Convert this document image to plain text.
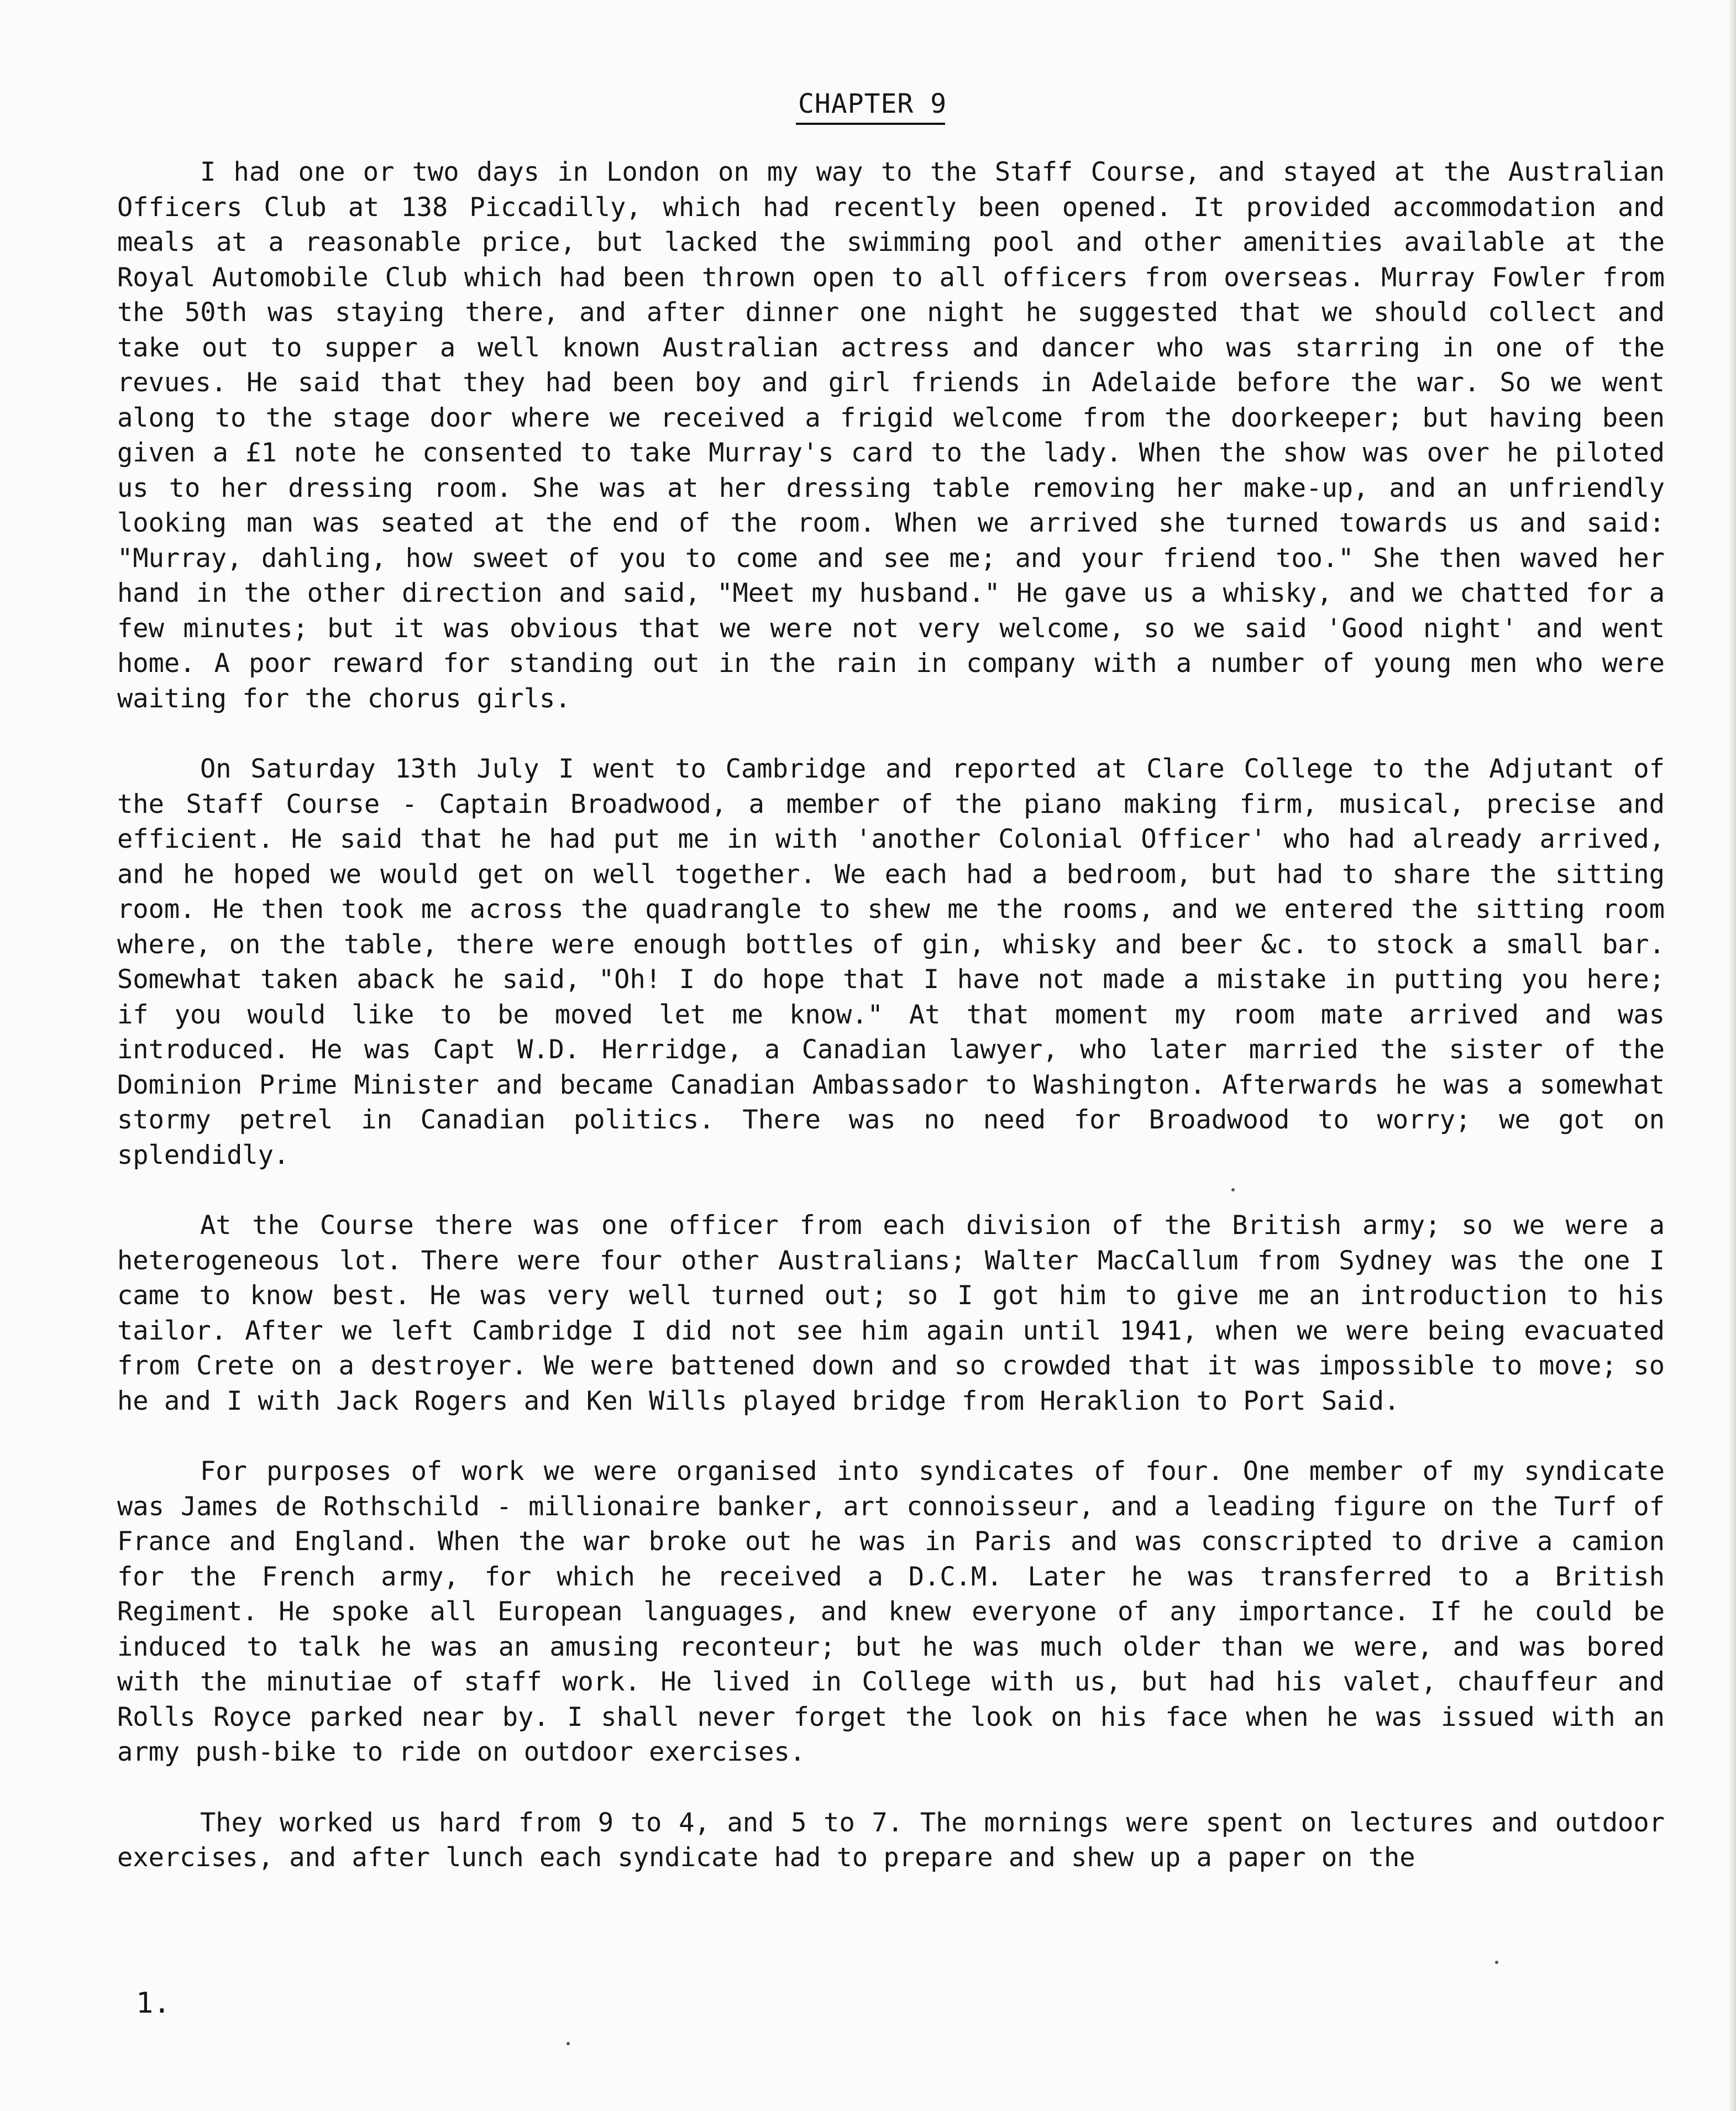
CHAPTER 9

I had one or two days in London on my way to the Staff Course, and stayed at the Australian Officers Club at 138 Piccadilly, which had recently been opened. It provided accommodation and meals at a reasonable price, but lacked the swimming pool and other amenities available at the Royal Automobile Club which had been thrown open to all officers from overseas. Murray Fowler from the 50th was staying there, and after dinner one night he suggested that we should collect and take out to supper a well known Australian actress and dancer who was starring in one of the revues. He said that they had been boy and girl friends in Adelaide before the war. So we went along to the stage door where we received a frigid welcome from the doorkeeper; but having been given a £1 note he consented to take Murray's card to the lady. When the show was over he piloted us to her dressing room. She was at her dressing table removing her make-up, and an unfriendly looking man was seated at the end of the room. When we arrived she turned towards us and said: "Murray, dahling, how sweet of you to come and see me; and your friend too." She then waved her hand in the other direction and said, "Meet my husband." He gave us a whisky, and we chatted for a few minutes; but it was obvious that we were not very welcome, so we said 'Good night' and went home. A poor reward for standing out in the rain in company with a number of young men who were waiting for the chorus girls.

On Saturday 13th July I went to Cambridge and reported at Clare College to the Adjutant of the Staff Course - Captain Broadwood, a member of the piano making firm, musical, precise and efficient. He said that he had put me in with 'another Colonial Officer' who had already arrived, and he hoped we would get on well together. We each had a bedroom, but had to share the sitting room. He then took me across the quadrangle to shew me the rooms, and we entered the sitting room where, on the table, there were enough bottles of gin, whisky and beer &c. to stock a small bar. Somewhat taken aback he said, "Oh! I do hope that I have not made a mistake in putting you here; if you would like to be moved let me know." At that moment my room mate arrived and was introduced. He was Capt W.D. Herridge, a Canadian lawyer, who later married the sister of the Dominion Prime Minister and became Canadian Ambassador to Washington. Afterwards he was a somewhat stormy petrel in Canadian politics. There was no need for Broadwood to worry; we got on splendidly.

At the Course there was one officer from each division of the British army; so we were a heterogeneous lot. There were four other Australians; Walter MacCallum from Sydney was the one I came to know best. He was very well turned out; so I got him to give me an introduction to his tailor. After we left Cambridge I did not see him again until 1941, when we were being evacuated from Crete on a destroyer. We were battened down and so crowded that it was impossible to move; so he and I with Jack Rogers and Ken Wills played bridge from Heraklion to Port Said.

For purposes of work we were organised into syndicates of four. One member of my syndicate was James de Rothschild - millionaire banker, art connoisseur, and a leading figure on the Turf of France and England. When the war broke out he was in Paris and was conscripted to drive a camion for the French army, for which he received a D.C.M. Later he was transferred to a British Regiment. He spoke all European languages, and knew everyone of any importance. If he could be induced to talk he was an amusing reconteur; but he was much older than we were, and was bored with the minutiae of staff work. He lived in College with us, but had his valet, chauffeur and Rolls Royce parked near by. I shall never forget the look on his face when he was issued with an army push-bike to ride on outdoor exercises.

They worked us hard from 9 to 4, and 5 to 7. The mornings were spent on lectures and outdoor exercises, and after lunch each syndicate had to prepare and shew up a paper on the

1.
